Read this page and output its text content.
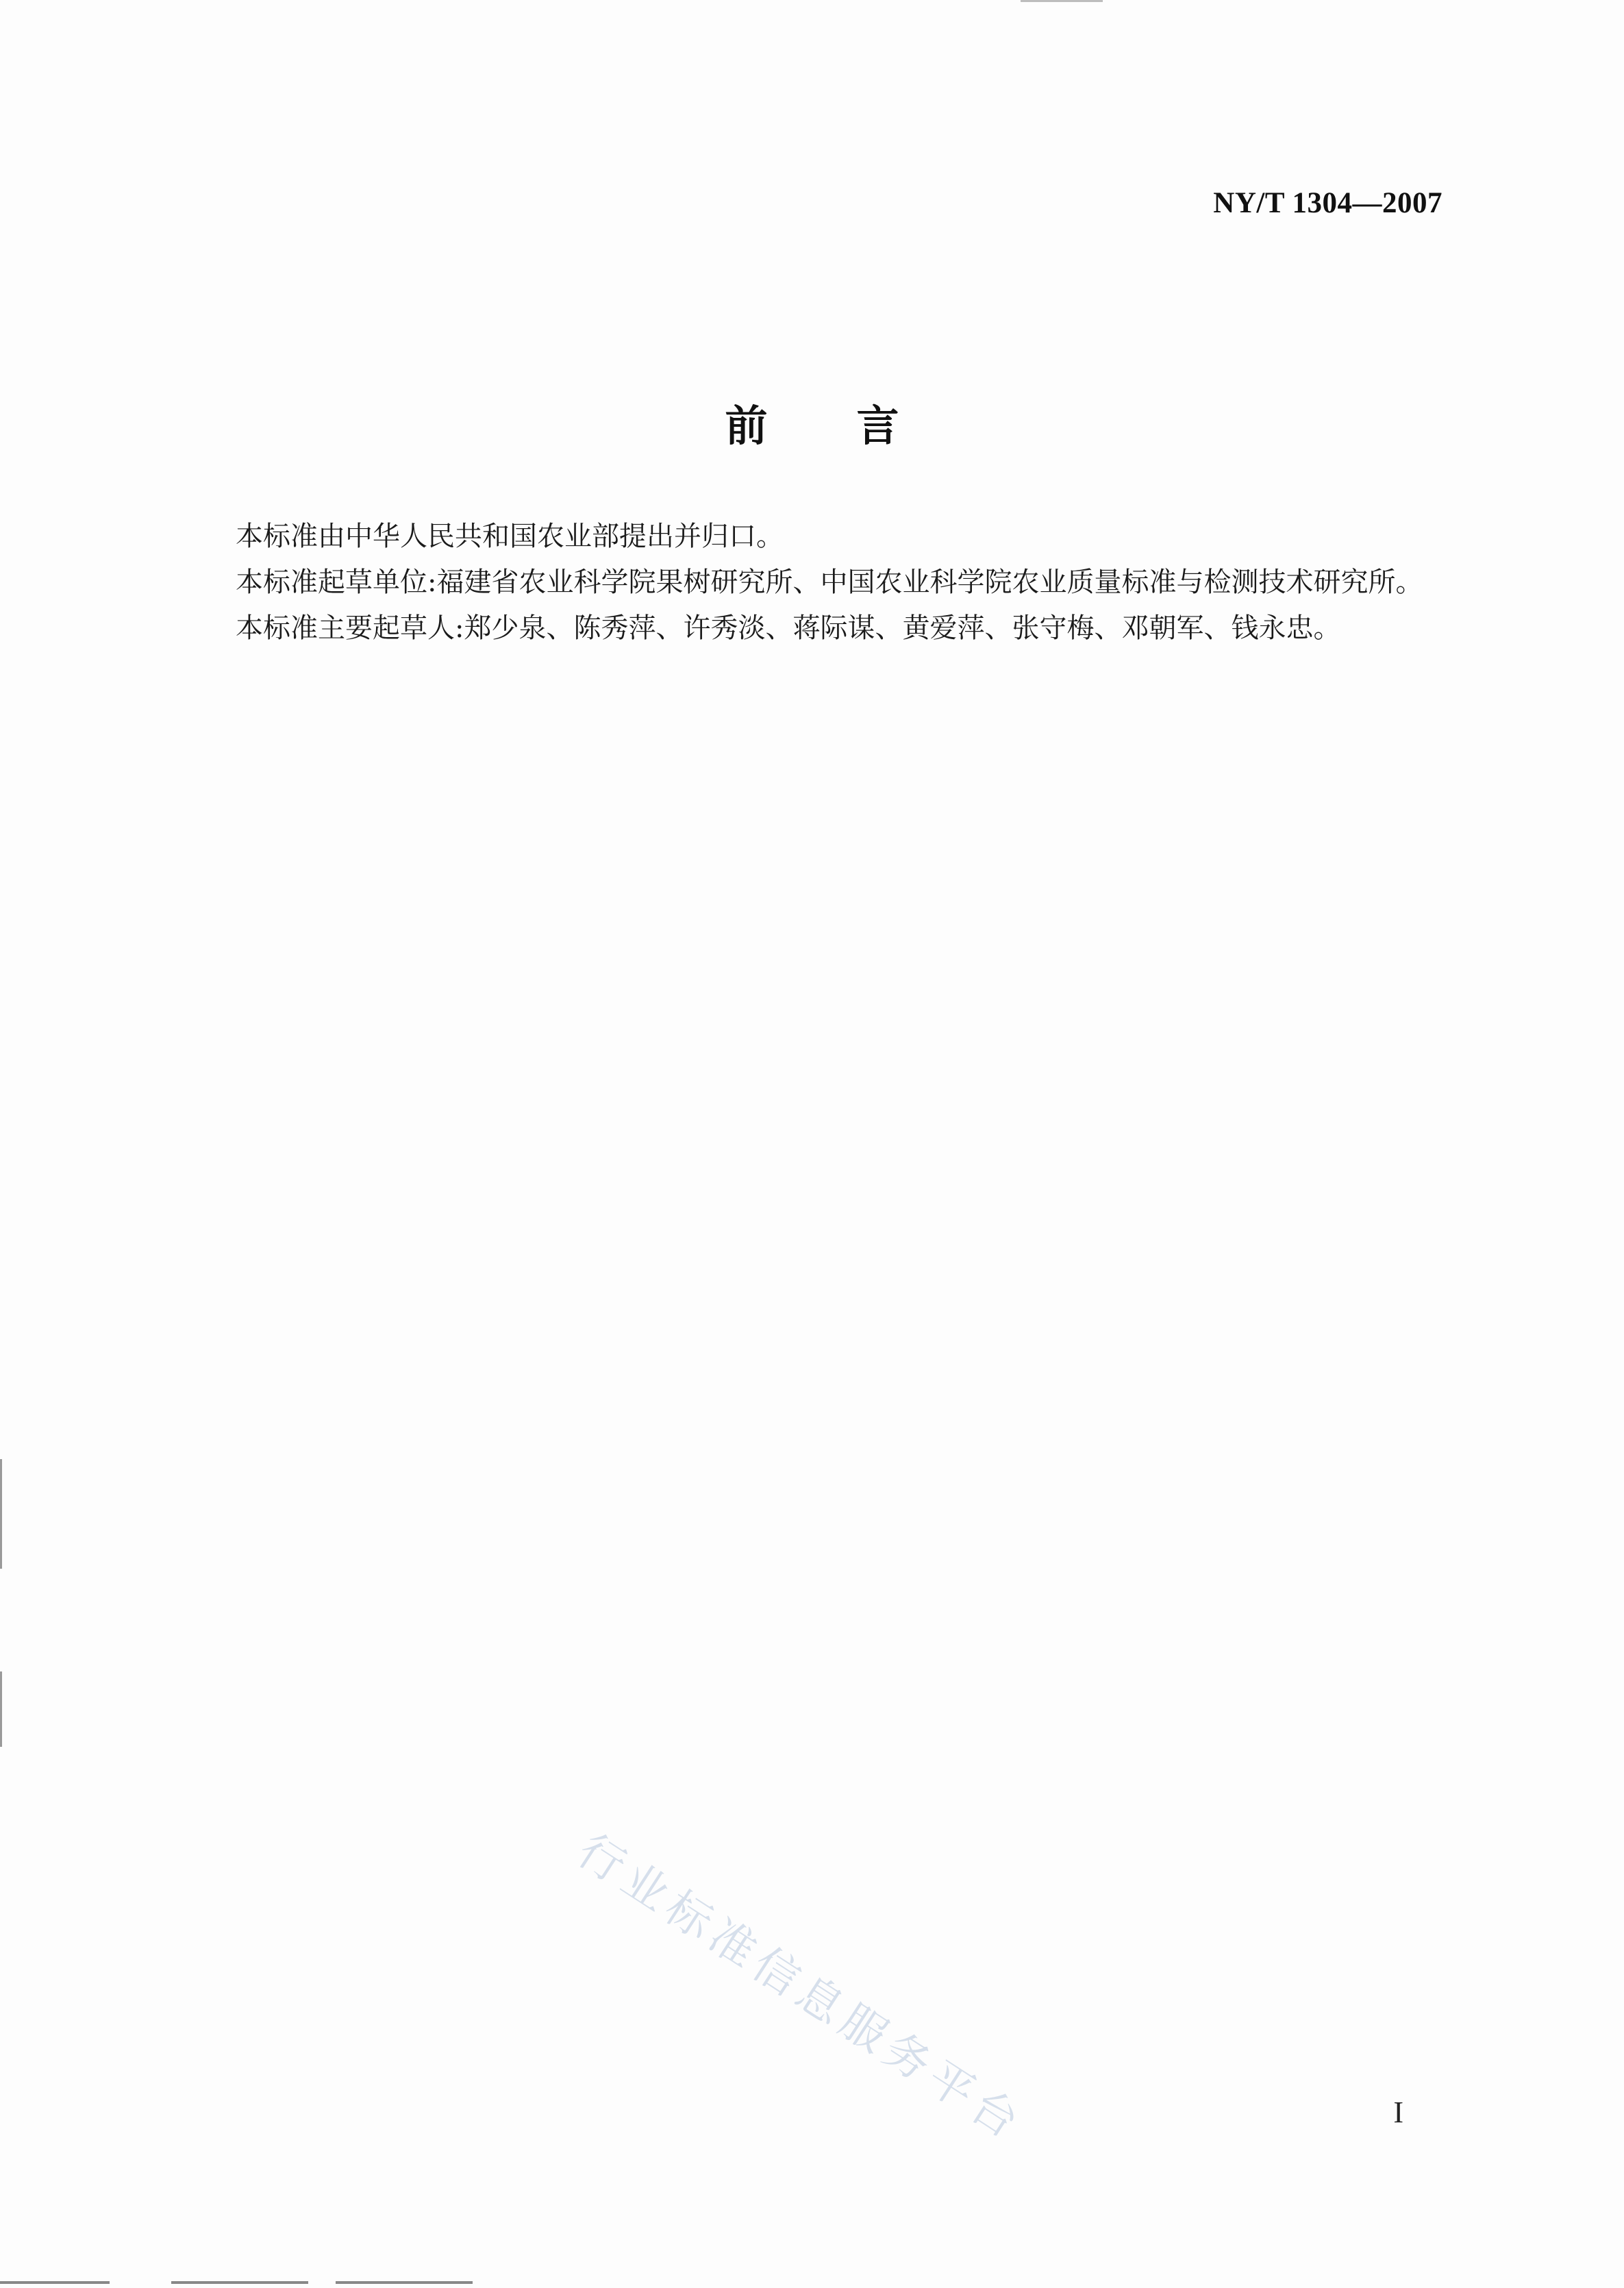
NY/T 1304—2007
前 言

本标准由中华人民共和国农业部提出并归口。

本标准起草单位:福建省农业科学院果树研究所、中国农业科学院农业质量标准与检测技术研究所。

本标准主要起草人:郑少泉、陈秀萍、许秀淡、蒋际谋、黄爱萍、张守梅、邓朝军、钱永忠。

行业标准信息服务平台	I
